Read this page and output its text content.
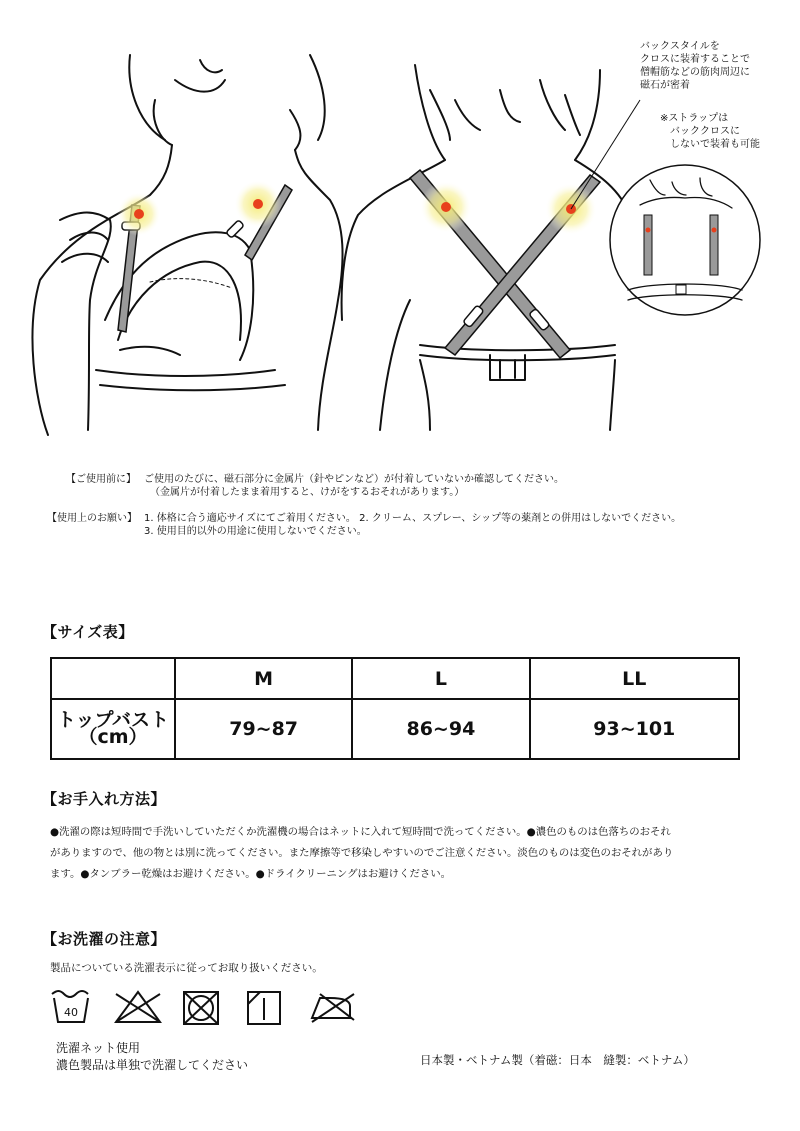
バックスタイルを
クロスに装着することで
僧帽筋などの筋肉周辺に
磁石が密着
※ストラップは
バッククロスに
しないで装着も可能
【ご使用前に】 ご使用のたびに、磁石部分に金属片（針やピンなど）が付着していないか確認してください。
（金属片が付着したまま着用すると、けがをするおそれがあります。）
【使用上のお願い】 1. 体格に合う適応サイズにてご着用ください。 2. クリーム、スプレー、シップ等の薬剤との併用はしないでください。
3. 使用目的以外の用途に使用しないでください。
【サイズ表】
	M	L	LL

トップバスト
（cm）	79~87	86~94	93~101
【お手入れ方法】

●洗濯の際は短時間で手洗いしていただくか洗濯機の場合はネットに入れて短時間で洗ってください。●濃色のものは色落ちのおそれ

がありますので、他の物とは別に洗ってください。また摩擦等で移染しやすいのでご注意ください。淡色のものは変色のおそれがあり

ます。●タンブラー乾燥はお避けください。●ドライクリーニングはお避けください。

【お洗濯の注意】
製品についている洗濯表示に従ってお取り扱いください。
40
洗濯ネット使用
濃色製品は単独で洗濯してください	日本製・ベトナム製（着磁：日本　縫製：ベトナム）
